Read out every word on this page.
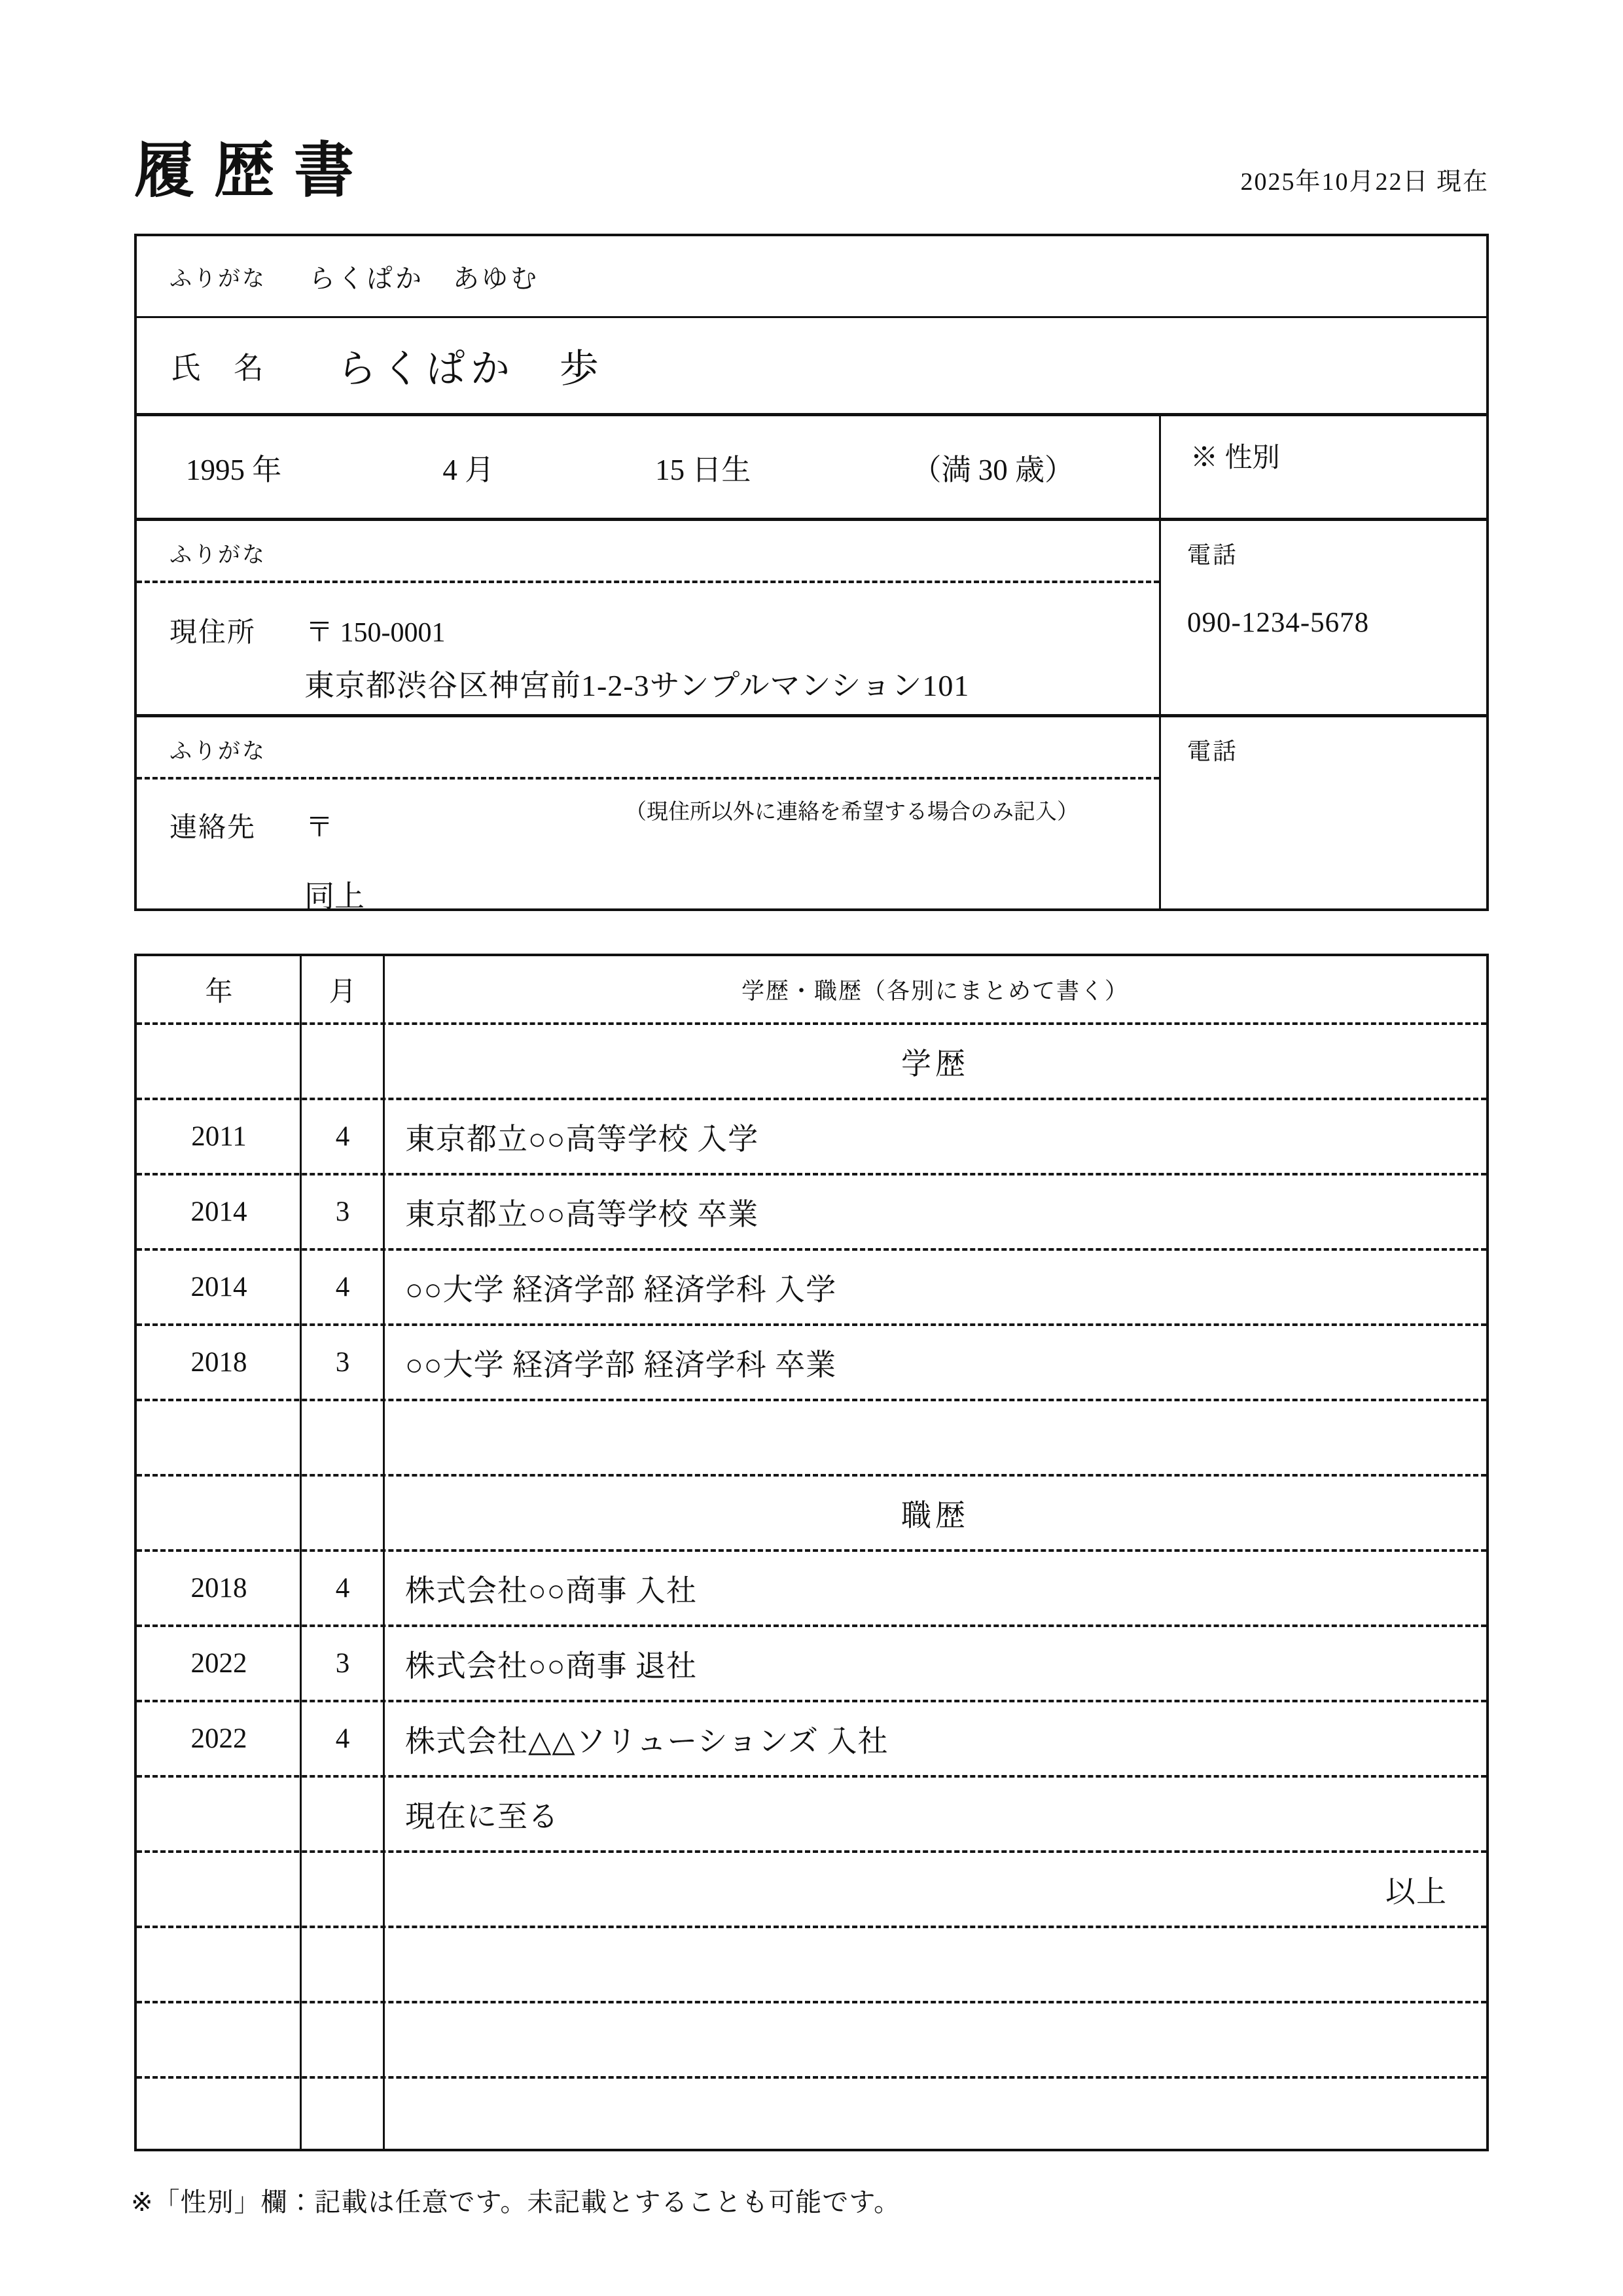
履歴書	2025年10月22日 現在
ふりがな らくぱか　あゆむ
氏　名 らくぱか　歩
1995 年	4 月	15 日生	（満 30 歳）	※ 性別
ふりがな
現住所 〒 150-0001
東京都渋谷区神宮前1-2-3サンプルマンション101
電話
090-1234-5678
ふりがな
連絡先 〒
（現住所以外に連絡を希望する場合のみ記入）
同上
電話
年	月	学歴・職歴（各別にまとめて書く）
学歴
2011	4	東京都立○○高等学校 入学
2014	3	東京都立○○高等学校 卒業
2014	4	○○大学 経済学部 経済学科 入学
2018	3	○○大学 経済学部 経済学科 卒業
職歴
2018	4	株式会社○○商事 入社
2022	3	株式会社○○商事 退社
2022	4	株式会社△△ソリューションズ 入社
現在に至る
以上
※「性別」欄：記載は任意です。未記載とすることも可能です。
